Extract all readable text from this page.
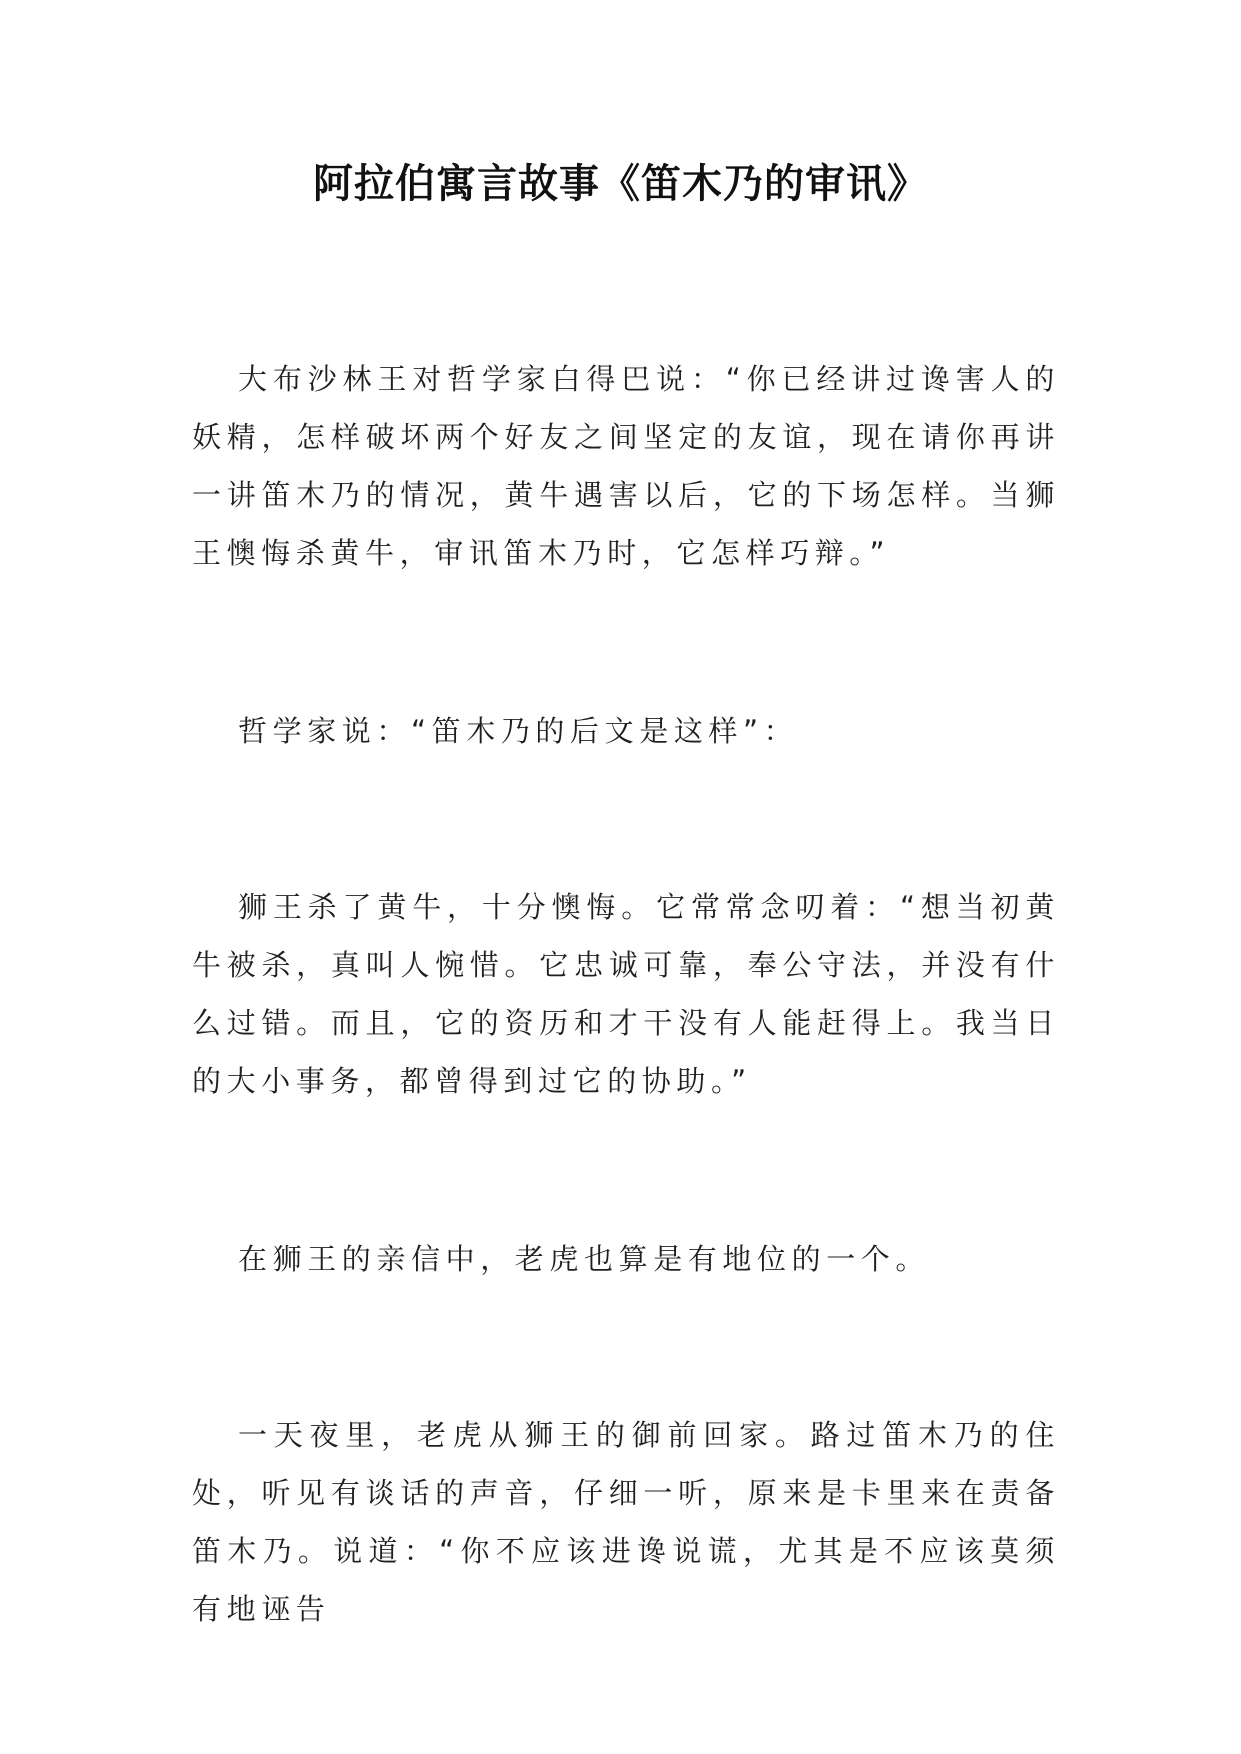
阿拉伯寓言故事《笛木乃的审讯》

大布沙林王对哲学家白得巴说：“你已经讲过谗害人的妖精，怎样破坏两个好友之间坚定的友谊，现在请你再讲一讲笛木乃的情况，黄牛遇害以后，它的下场怎样。当狮王懊悔杀黄牛，审讯笛木乃时，它怎样巧辩。”

哲学家说：“笛木乃的后文是这样”：

狮王杀了黄牛，十分懊悔。它常常念叨着：“想当初黄牛被杀，真叫人惋惜。它忠诚可靠，奉公守法，并没有什么过错。而且，它的资历和才干没有人能赶得上。我当日的大小事务，都曾得到过它的协助。”

在狮王的亲信中，老虎也算是有地位的一个。

一天夜里，老虎从狮王的御前回家。路过笛木乃的住处，听见有谈话的声音，仔细一听，原来是卡里来在责备笛木乃。说道：“你不应该进谗说谎，尤其是不应该莫须有地诬告
